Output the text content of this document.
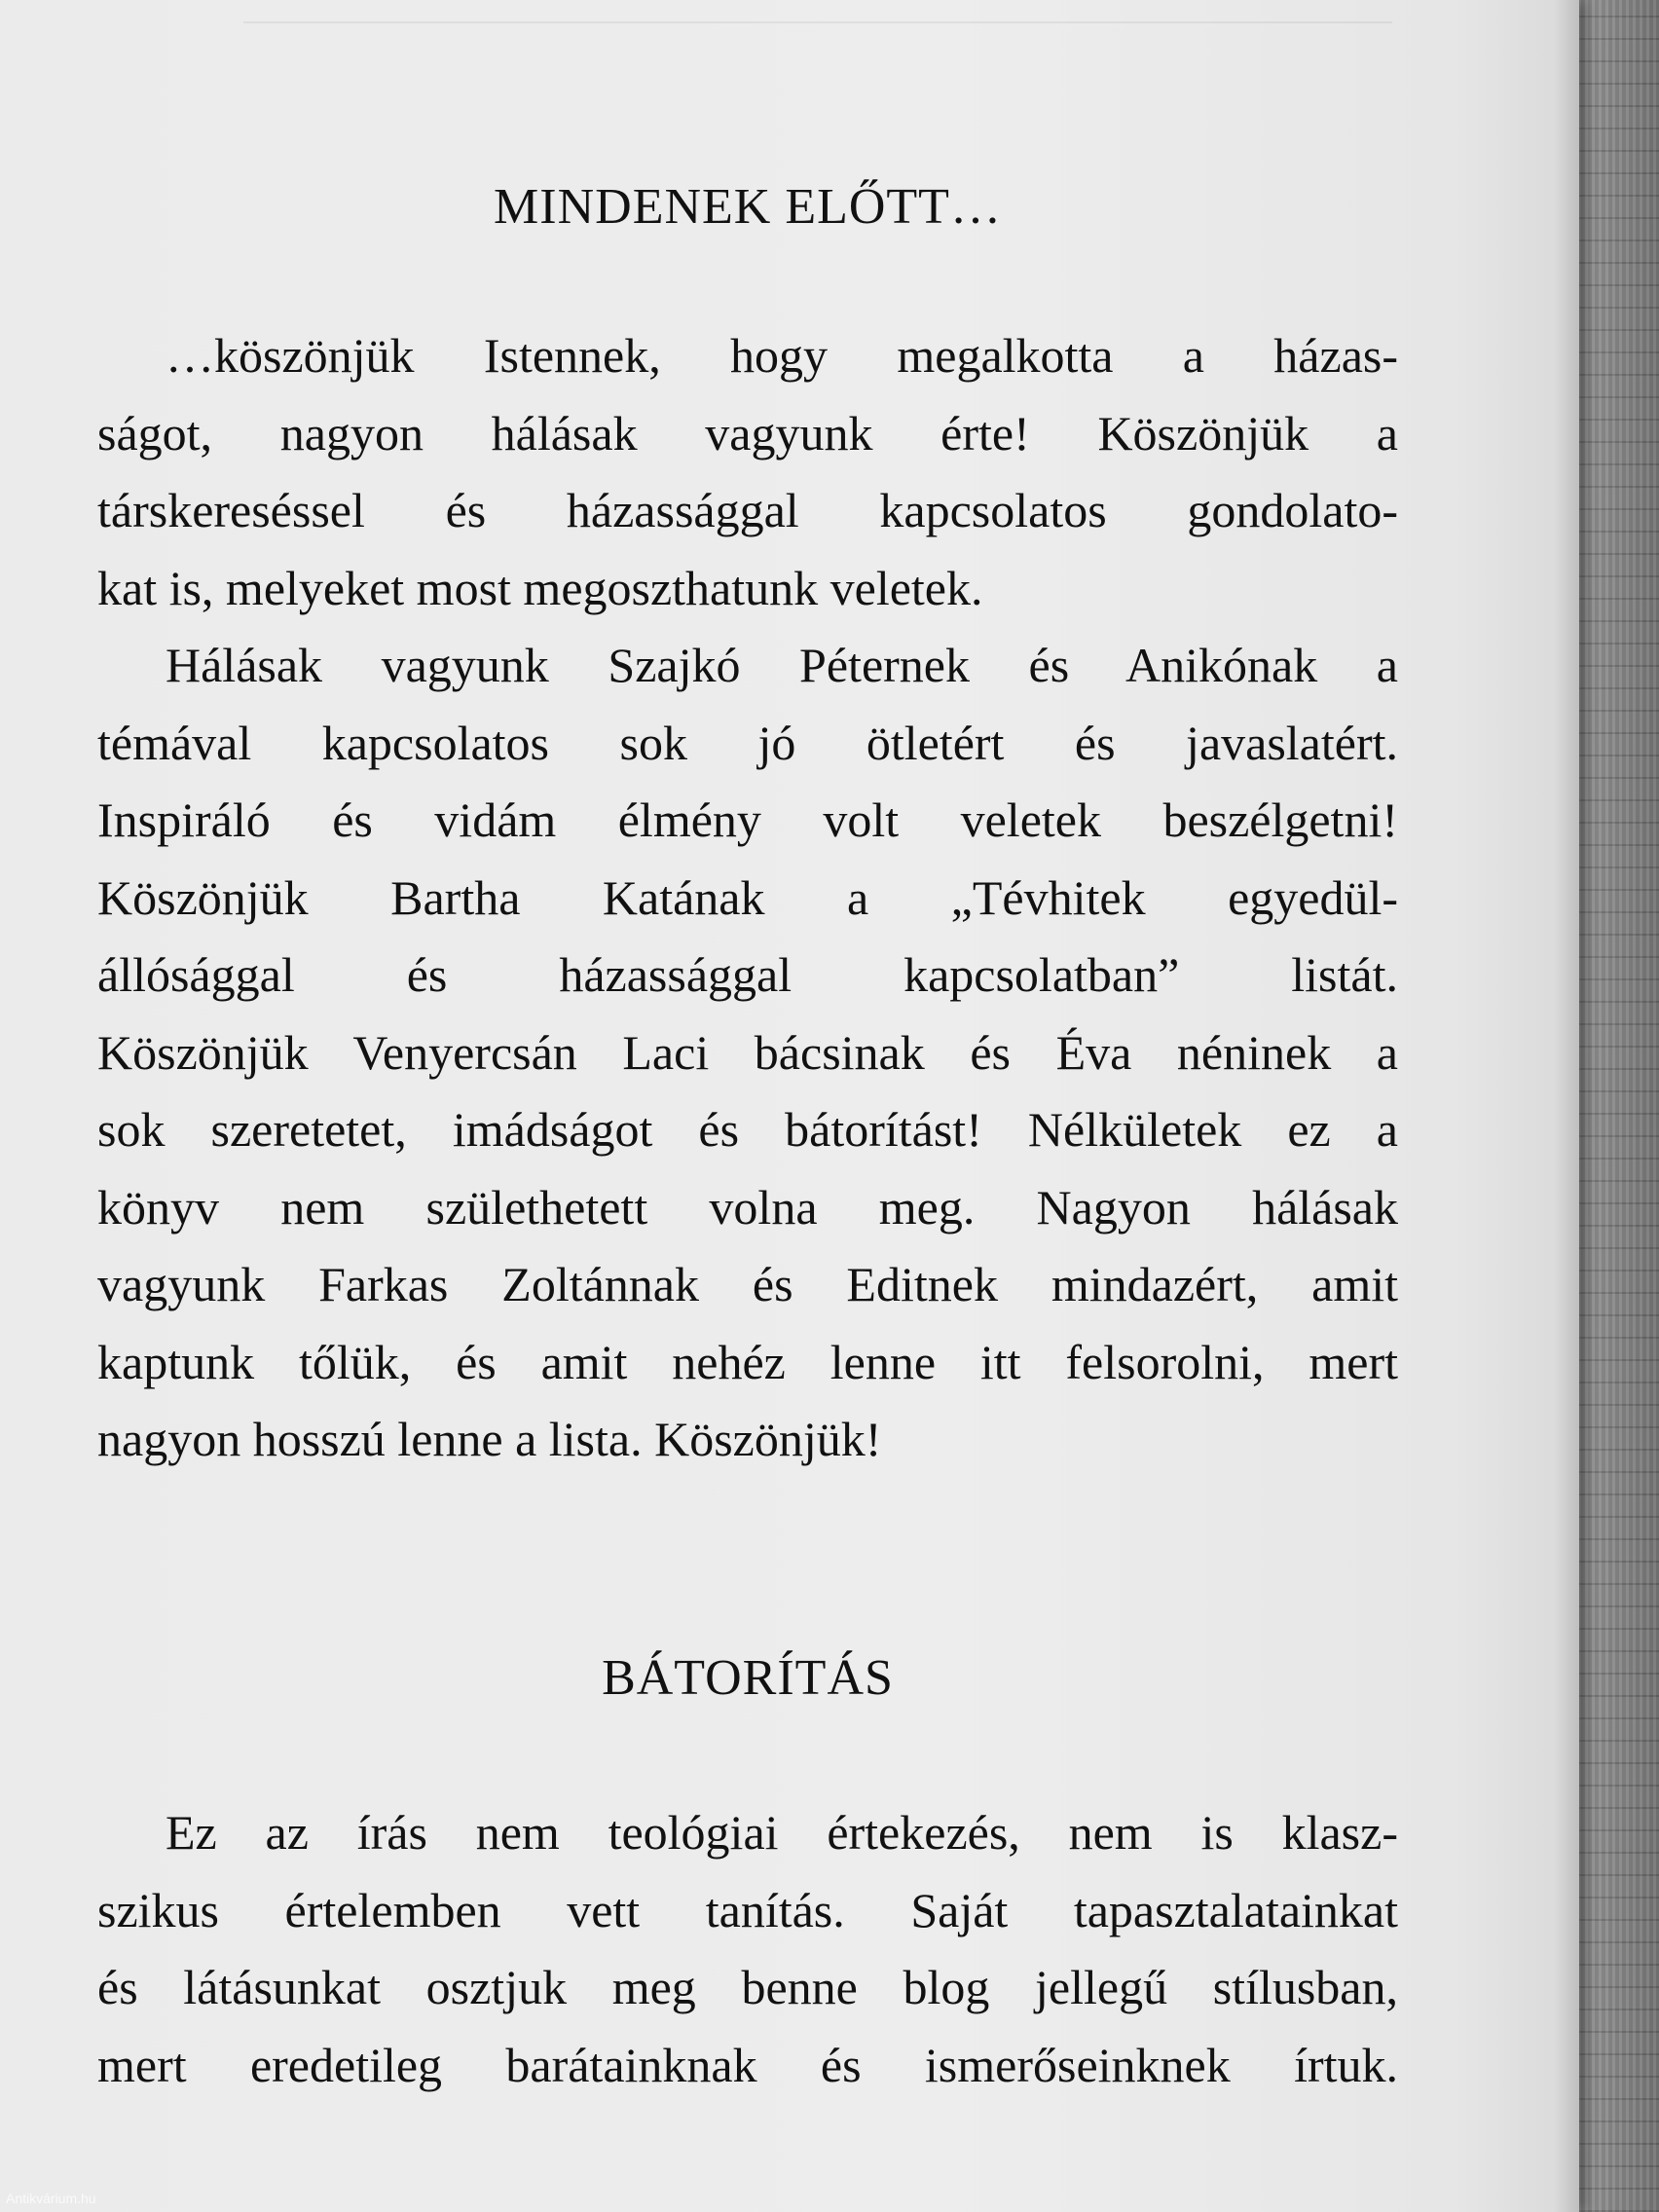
MINDENEK ELŐTT…
…köszönjük Istennek, hogy megalkotta a házas-
ságot, nagyon hálásak vagyunk érte! Köszönjük a
társkereséssel és házassággal kapcsolatos gondolato-
kat is, melyeket most megoszthatunk veletek.
Hálásak vagyunk Szajkó Péternek és Anikónak a
témával kapcsolatos sok jó ötletért és javaslatért.
Inspiráló és vidám élmény volt veletek beszélgetni!
Köszönjük Bartha Katának a „Tévhitek egyedül-
állósággal és házassággal kapcsolatban” listát.
Köszönjük Venyercsán Laci bácsinak és Éva néninek a
sok szeretetet, imádságot és bátorítást! Nélkületek ez a
könyv nem születhetett volna meg. Nagyon hálásak
vagyunk Farkas Zoltánnak és Editnek mindazért, amit
kaptunk tőlük, és amit nehéz lenne itt felsorolni, mert
nagyon hosszú lenne a lista. Köszönjük!
BÁTORÍTÁS
Ez az írás nem teológiai értekezés, nem is klasz-
szikus értelemben vett tanítás. Saját tapasztalatainkat
és látásunkat osztjuk meg benne blog jellegű stílusban,
mert eredetileg barátainknak és ismerőseinknek írtuk.
Antikvárium.hu
